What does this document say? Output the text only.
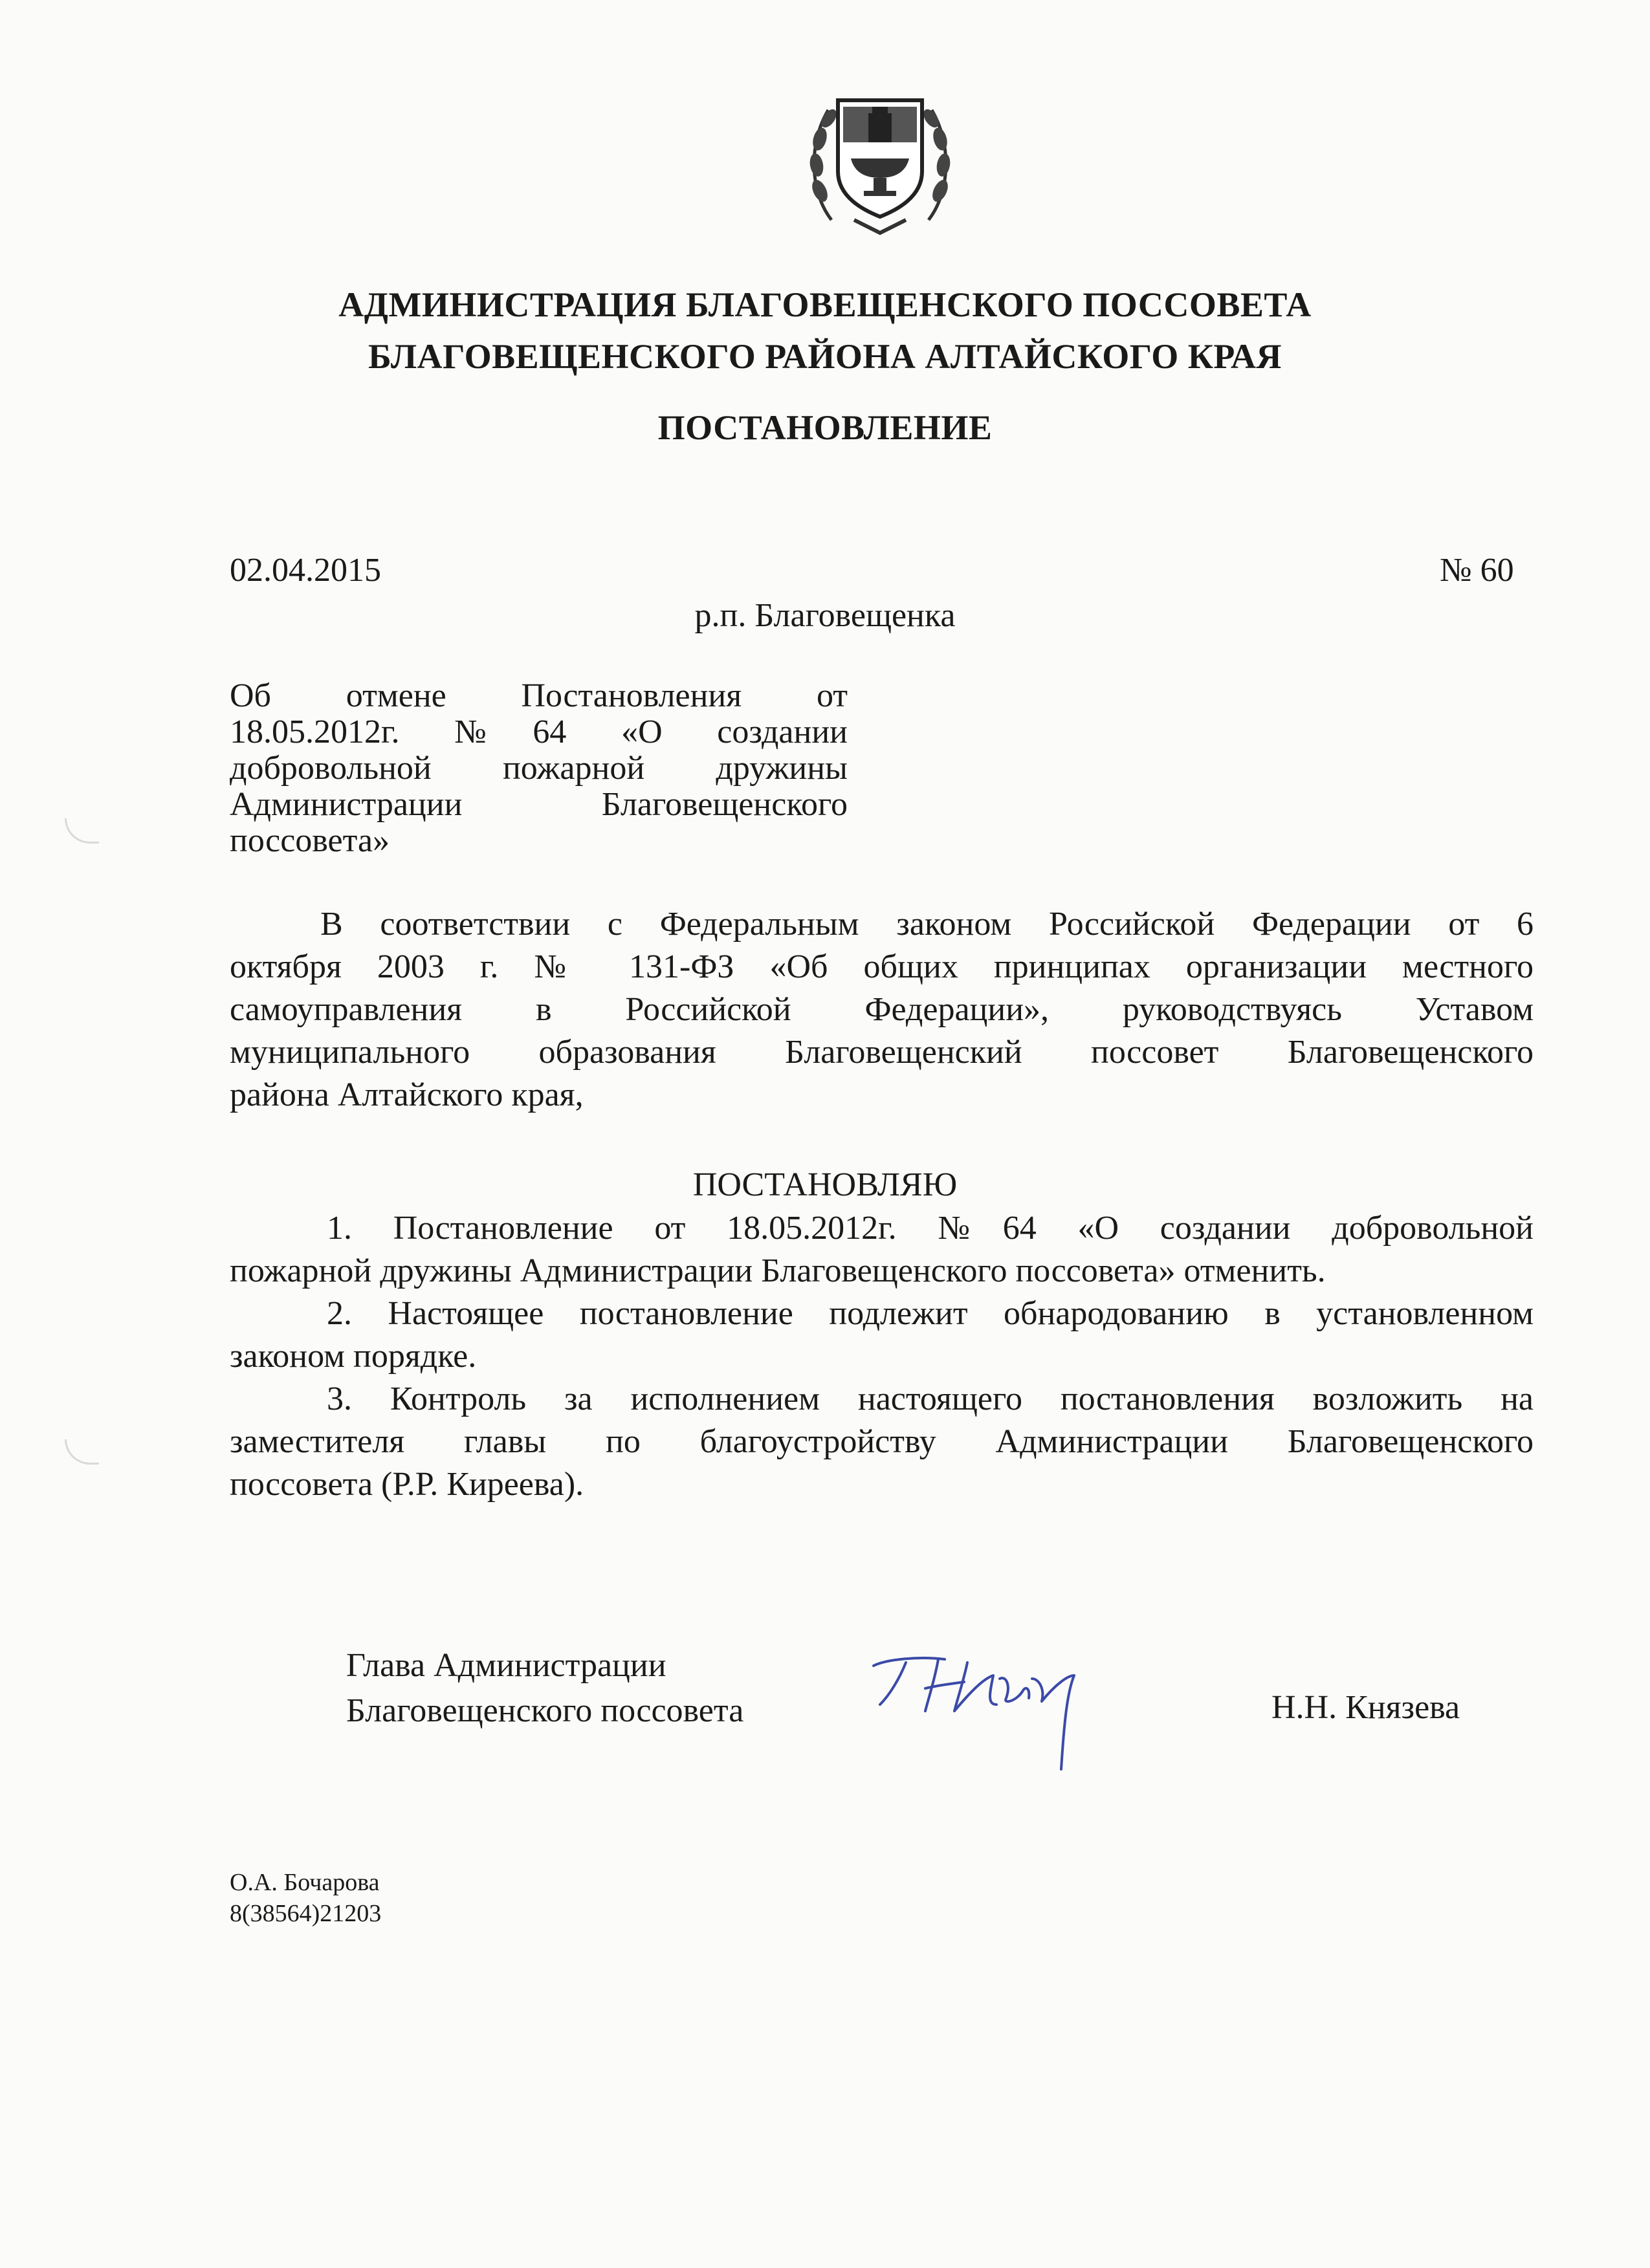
АДМИНИСТРАЦИЯ БЛАГОВЕЩЕНСКОГО ПОССОВЕТА
БЛАГОВЕЩЕНСКОГО РАЙОНА АЛТАЙСКОГО КРАЯ
ПОСТАНОВЛЕНИЕ
02.04.2015	№ 60
р.п. Благовещенка
Об отмене Постановления от
18.05.2012г. №64 «О создании
добровольной пожарной дружины
Администрации Благовещенского
поссовета»
В соответствии с Федеральным законом Российской Федерации от 6
октября 2003 г. № 131-ФЗ «Об общих принципах организации местного
самоуправления в Российской Федерации», руководствуясь Уставом
муниципального образования Благовещенский поссовет Благовещенского
района Алтайского края,
ПОСТАНОВЛЯЮ
1. Постановление от 18.05.2012г. №64 «О создании добровольной
пожарной дружины Администрации Благовещенского поссовета» отменить.
2. Настоящее постановление подлежит обнародованию в установленном
законом порядке.
3. Контроль за исполнением настоящего постановления возложить на
заместителя главы по благоустройству Администрации Благовещенского
поссовета (Р.Р. Киреева).
Глава Администрации
Благовещенского поссовета	Н.Н. Князева
О.А. Бочарова
8(38564)21203
